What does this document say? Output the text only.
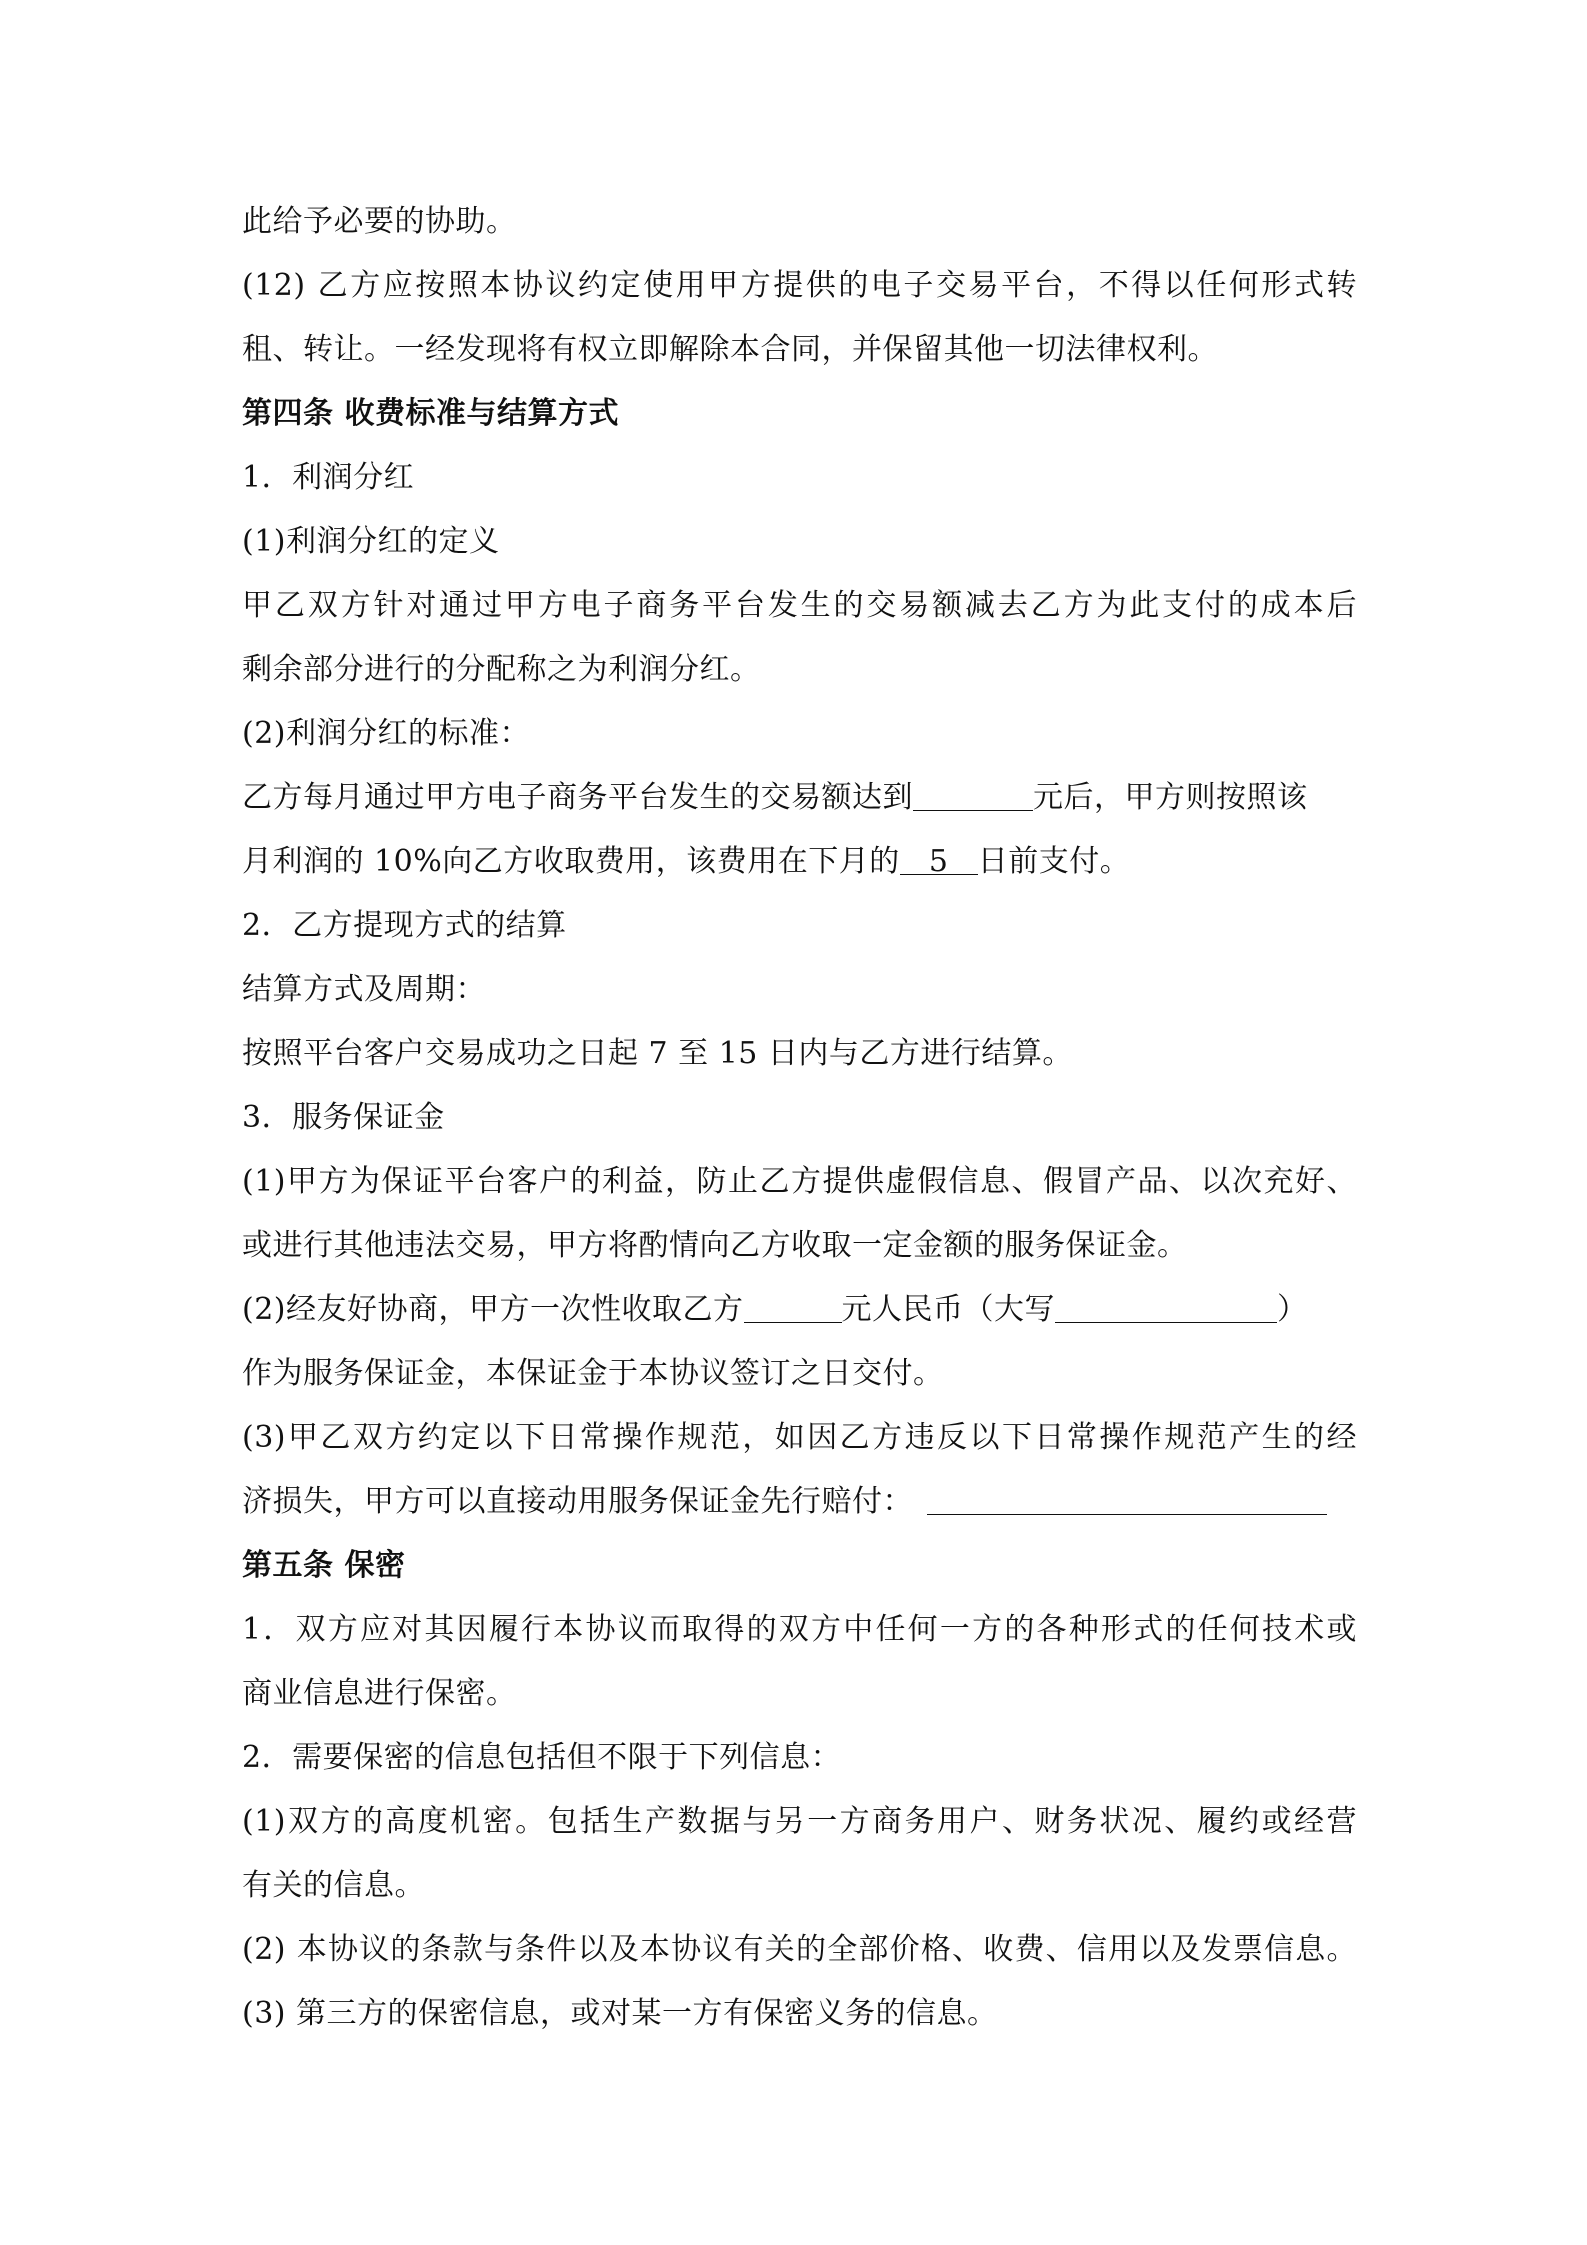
此给予必要的协助。
(12) 乙方应按照本协议约定使用甲方提供的电子交易平台，不得以任何形式转
租、转让。一经发现将有权立即解除本合同，并保留其他一切法律权利。
第四条 收费标准与结算方式
1．利润分红
(1)利润分红的定义
甲乙双方针对通过甲方电子商务平台发生的交易额减去乙方为此支付的成本后
剩余部分进行的分配称之为利润分红。
(2)利润分红的标准：
乙方每月通过甲方电子商务平台发生的交易额达到	元后，甲方则按照该
月利润的 10%向乙方收取费用，该费用在下月的 5 日前支付。
2．乙方提现方式的结算
结算方式及周期：
按照平台客户交易成功之日起 7 至 15 日内与乙方进行结算。
3．服务保证金
(1)甲方为保证平台客户的利益，防止乙方提供虚假信息、假冒产品、以次充好、
或进行其他违法交易，甲方将酌情向乙方收取一定金额的服务保证金。
(2)经友好协商，甲方一次性收取乙方	元人民币（大写	）
作为服务保证金，本保证金于本协议签订之日交付。
(3)甲乙双方约定以下日常操作规范，如因乙方违反以下日常操作规范产生的经
济损失，甲方可以直接动用服务保证金先行赔付：
第五条 保密
1．双方应对其因履行本协议而取得的双方中任何一方的各种形式的任何技术或
商业信息进行保密。
2．需要保密的信息包括但不限于下列信息：
(1)双方的高度机密。包括生产数据与另一方商务用户、财务状况、履约或经营
有关的信息。
(2) 本协议的条款与条件以及本协议有关的全部价格、收费、信用以及发票信息。
(3) 第三方的保密信息，或对某一方有保密义务的信息。
